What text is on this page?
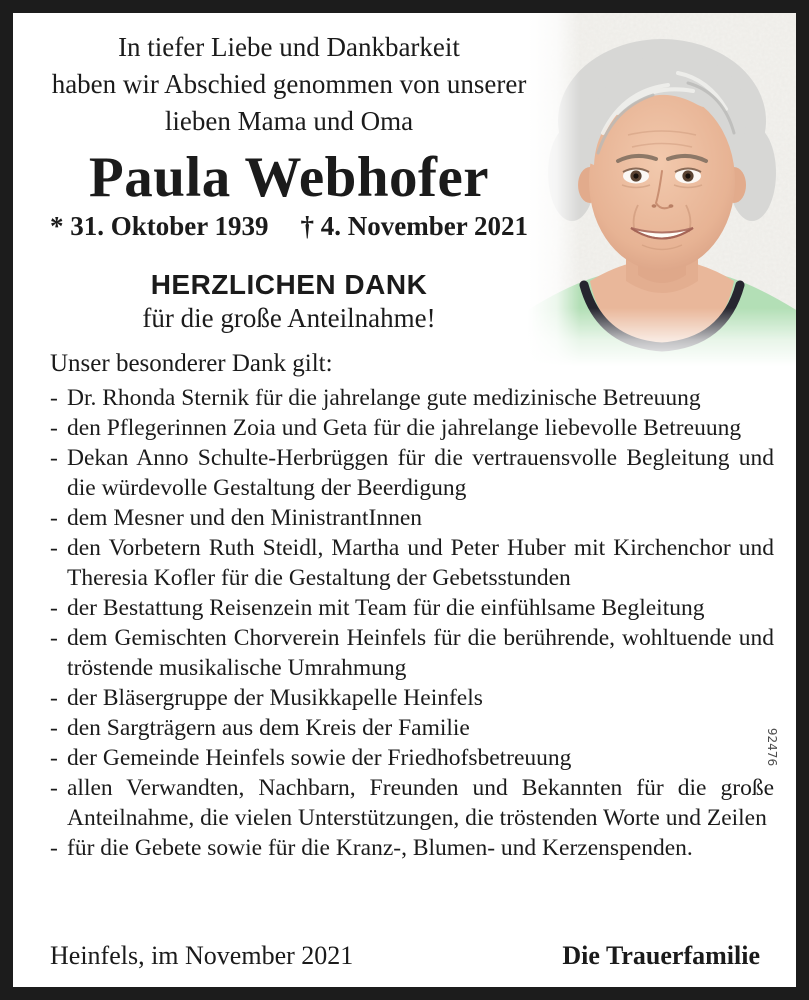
In tiefer Liebe und Dankbarkeit
haben wir Abschied genommen von unserer
lieben Mama und Oma
Paula Webhofer
* 31. Oktober 1939 † 4. November 2021
HERZLICHEN DANK
für die große Anteilnahme!
Unser besonderer Dank gilt:
- Dr. Rhonda Sternik für die jahrelange gute medizinische Betreuung
- den Pflegerinnen Zoia und Geta für die jahrelange liebevolle Betreuung
- Dekan Anno Schulte-Herbrüggen für die vertrauensvolle Begleitung und die würdevolle Gestaltung der Beerdigung
- dem Mesner und den MinistrantInnen
- den Vorbetern Ruth Steidl, Martha und Peter Huber mit Kirchenchor und Theresia Kofler für die Gestaltung der Gebetsstunden
- der Bestattung Reisenzein mit Team für die einfühlsame Begleitung
- dem Gemischten Chorverein Heinfels für die berührende, wohltuende und tröstende musikalische Umrahmung
- der Bläsergruppe der Musikkapelle Heinfels
- den Sargträgern aus dem Kreis der Familie
- der Gemeinde Heinfels sowie der Friedhofsbetreuung
- allen Verwandten, Nachbarn, Freunden und Bekannten für die große Anteilnahme, die vielen Unterstützungen, die tröstenden Worte und Zeilen
- für die Gebete sowie für die Kranz-, Blumen- und Kerzenspenden.
Heinfels, im November 2021	Die Trauerfamilie
92476
